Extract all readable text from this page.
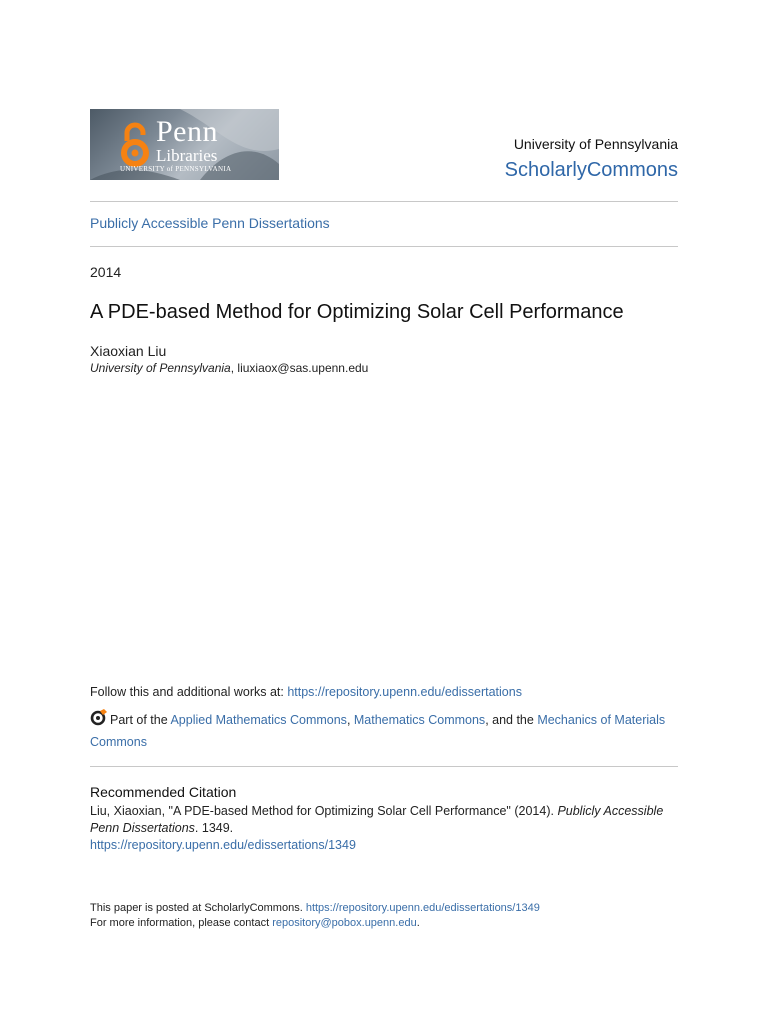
Penn
Libraries
UNIVERSITY of PENNSYLVANIA
University of Pennsylvania
ScholarlyCommons
Publicly Accessible Penn Dissertations
2014
A PDE-based Method for Optimizing Solar Cell Performance
Xiaoxian Liu
University of Pennsylvania, liuxiaox@sas.upenn.edu
Follow this and additional works at: https://repository.upenn.edu/edissertations
Part of the Applied Mathematics Commons, Mathematics Commons, and the Mechanics of Materials Commons
Recommended Citation
Liu, Xiaoxian, "A PDE-based Method for Optimizing Solar Cell Performance" (2014). Publicly Accessible Penn Dissertations. 1349.
https://repository.upenn.edu/edissertations/1349
This paper is posted at ScholarlyCommons. https://repository.upenn.edu/edissertations/1349
For more information, please contact repository@pobox.upenn.edu.
